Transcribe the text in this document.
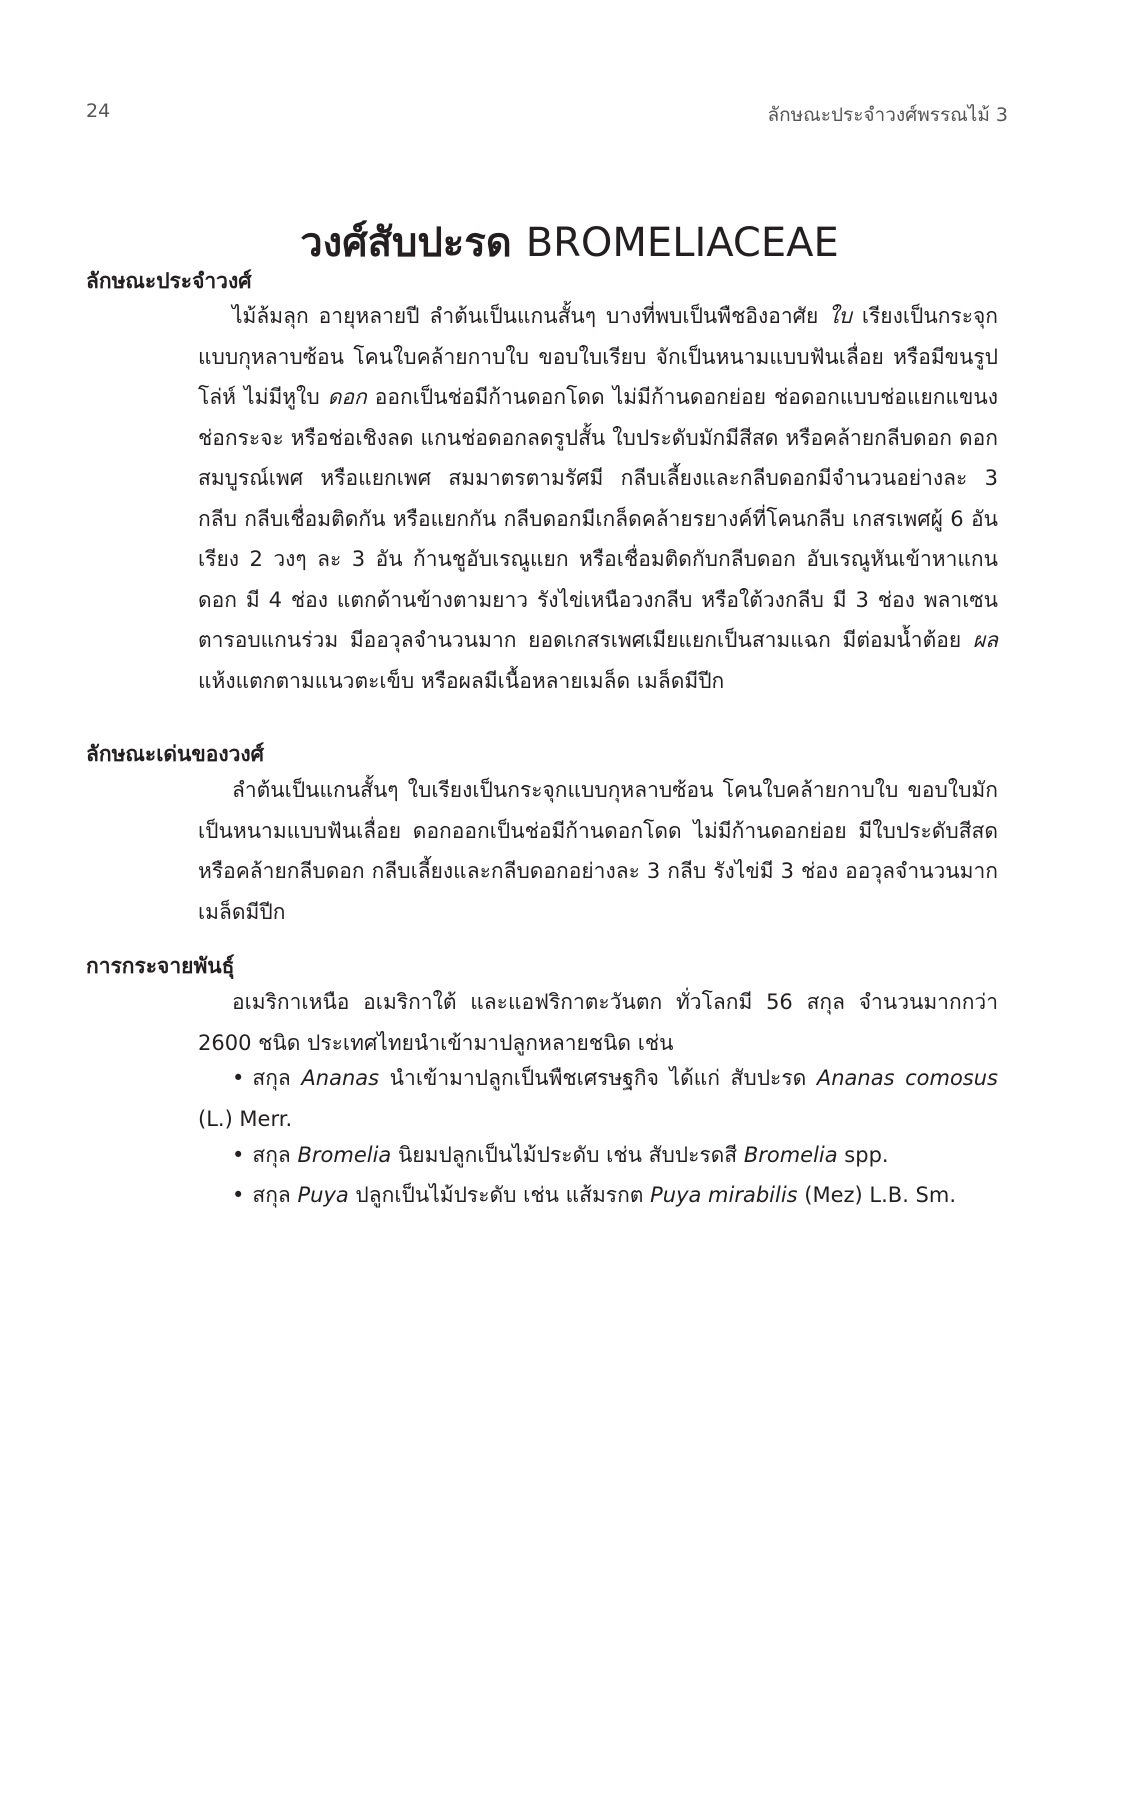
24	ลักษณะประจำวงศ์พรรณไม้ 3
วงศ์สับปะรด BROMELIACEAE
ลักษณะประจำวงศ์
ไม้ล้มลุก อายุหลายปี ลำต้นเป็นแกนสั้นๆ บางที่พบเป็นพืชอิงอาศัย ใบ เรียงเป็นกระจุกแบบกุหลาบซ้อน โคนใบคล้ายกาบใบ ขอบใบเรียบ จักเป็นหนามแบบฟันเลื่อย หรือมีขนรูปโล่ห์ ไม่มีหูใบ ดอก ออกเป็นช่อมีก้านดอกโดด ไม่มีก้านดอกย่อย ช่อดอกแบบช่อแยกแขนง ช่อกระจะ หรือช่อเชิงลด แกนช่อดอกลดรูปสั้น ใบประดับมักมีสีสด หรือคล้ายกลีบดอก ดอกสมบูรณ์เพศ หรือแยกเพศ สมมาตรตามรัศมี กลีบเลี้ยงและกลีบดอกมีจำนวนอย่างละ 3 กลีบ กลีบเชื่อมติดกัน หรือแยกกัน กลีบดอกมีเกล็ดคล้ายรยางค์ที่โคนกลีบ เกสรเพศผู้ 6 อัน เรียง 2 วงๆ ละ 3 อัน ก้านชูอับเรณูแยก หรือเชื่อมติดกับกลีบดอก อับเรณูหันเข้าหาแกนดอก มี 4 ช่อง แตกด้านข้างตามยาว รังไข่เหนือวงกลีบ หรือใต้วงกลีบ มี 3 ช่อง พลาเซนตารอบแกนร่วม มีออวุลจำนวนมาก ยอดเกสรเพศเมียแยกเป็นสามแฉก มีต่อมน้ำต้อย ผล แห้งแตกตามแนวตะเข็บ หรือผลมีเนื้อหลายเมล็ด เมล็ดมีปีก
ลักษณะเด่นของวงศ์
ลำต้นเป็นแกนสั้นๆ ใบเรียงเป็นกระจุกแบบกุหลาบซ้อน โคนใบคล้ายกาบใบ ขอบใบมักเป็นหนามแบบฟันเลื่อย ดอกออกเป็นช่อมีก้านดอกโดด ไม่มีก้านดอกย่อย มีใบประดับสีสดหรือคล้ายกลีบดอก กลีบเลี้ยงและกลีบดอกอย่างละ 3 กลีบ รังไข่มี 3 ช่อง ออวุลจำนวนมาก เมล็ดมีปีก
การกระจายพันธุ์
อเมริกาเหนือ อเมริกาใต้ และแอฟริกาตะวันตก ทั่วโลกมี 56 สกุล จำนวนมากกว่า 2600 ชนิด ประเทศไทยนำเข้ามาปลูกหลายชนิด เช่น
• สกุล Ananas นำเข้ามาปลูกเป็นพืชเศรษฐกิจ ได้แก่ สับปะรด Ananas comosus (L.) Merr.
• สกุล Bromelia นิยมปลูกเป็นไม้ประดับ เช่น สับปะรดสี Bromelia spp.
• สกุล Puya ปลูกเป็นไม้ประดับ เช่น แส้มรกต Puya mirabilis (Mez) L.B. Sm.
